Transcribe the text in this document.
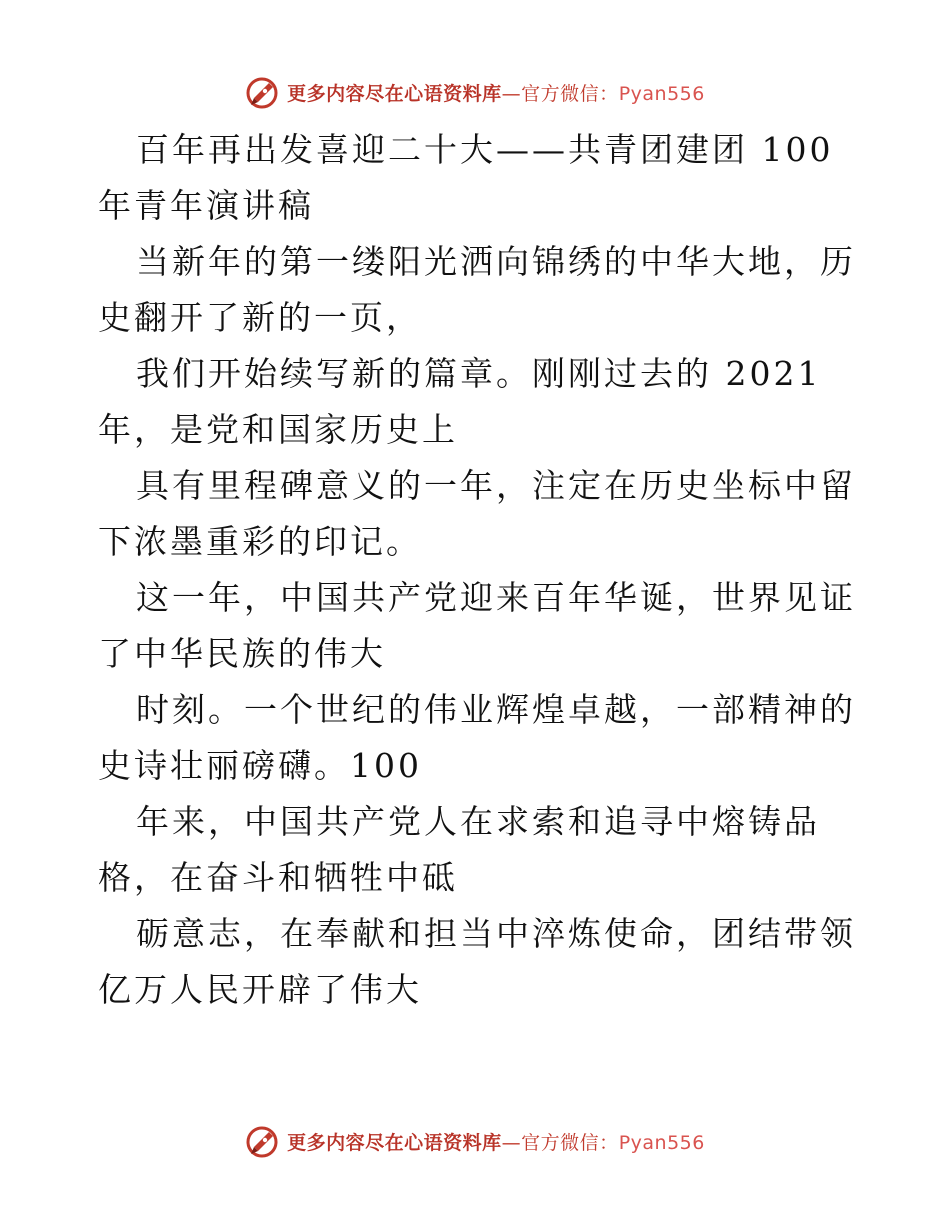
更多内容尽在心语资料库—官方微信：Pyan556

百年再出发喜迎二十大——共青团建团 100 年青年演讲稿

当新年的第一缕阳光洒向锦绣的中华大地，历史翻开了新的一页，

我们开始续写新的篇章。刚刚过去的 2021 年，是党和国家历史上

具有里程碑意义的一年，注定在历史坐标中留下浓墨重彩的印记。

这一年，中国共产党迎来百年华诞，世界见证了中华民族的伟大

时刻。一个世纪的伟业辉煌卓越，一部精神的史诗壮丽磅礴。100

年来，中国共产党人在求索和追寻中熔铸品格，在奋斗和牺牲中砥

砺意志，在奉献和担当中淬炼使命，团结带领亿万人民开辟了伟大

更多内容尽在心语资料库—官方微信：Pyan556
